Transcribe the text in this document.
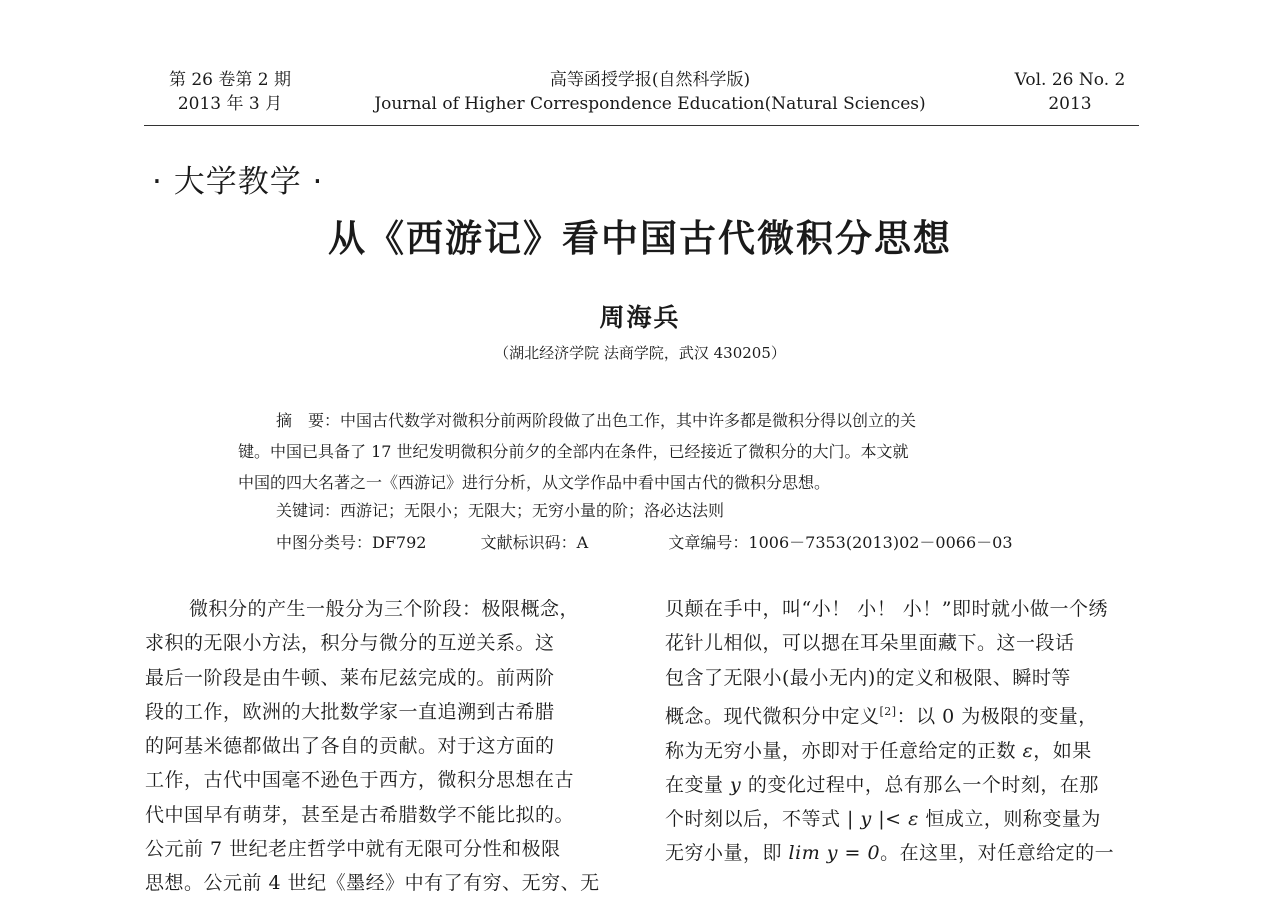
第 26 卷第 2 期
2013 年 3 月
高等函授学报(自然科学版)
Journal of Higher Correspondence Education(Natural Sciences)
Vol. 26 No. 2
2013
· 大学教学 ·
从《西游记》看中国古代微积分思想
周海兵
（湖北经济学院 法商学院，武汉 430205）
摘　要：中国古代数学对微积分前两阶段做了出色工作，其中许多都是微积分得以创立的关
键。中国已具备了 17 世纪发明微积分前夕的全部内在条件，已经接近了微积分的大门。本文就
中国的四大名著之一《西游记》进行分析，从文学作品中看中国古代的微积分思想。
关键词：西游记；无限小；无限大；无穷小量的阶；洛必达法则
中图分类号：DF792	文献标识码：A	文章编号：1006－7353(2013)02－0066－03

微积分的产生一般分为三个阶段：极限概念，

求积的无限小方法，积分与微分的互逆关系。这

最后一阶段是由牛顿、莱布尼兹完成的。前两阶

段的工作，欧洲的大批数学家一直追溯到古希腊

的阿基米德都做出了各自的贡献。对于这方面的

工作，古代中国毫不逊色于西方，微积分思想在古

代中国早有萌芽，甚至是古希腊数学不能比拟的。

公元前 7 世纪老庄哲学中就有无限可分性和极限

思想。公元前 4 世纪《墨经》中有了有穷、无穷、无

贝颠在手中，叫“小！ 小！ 小！”即时就小做一个绣

花针儿相似，可以揌在耳朵里面藏下。这一段话

包含了无限小(最小无内)的定义和极限、瞬时等

概念。现代微积分中定义[2]：以 0 为极限的变量，

称为无穷小量，亦即对于任意给定的正数 ε，如果

在变量 y 的变化过程中，总有那么一个时刻，在那

个时刻以后，不等式 | y |< ε 恒成立，则称变量为

无穷小量，即 lim y = 0。在这里，对任意给定的一
